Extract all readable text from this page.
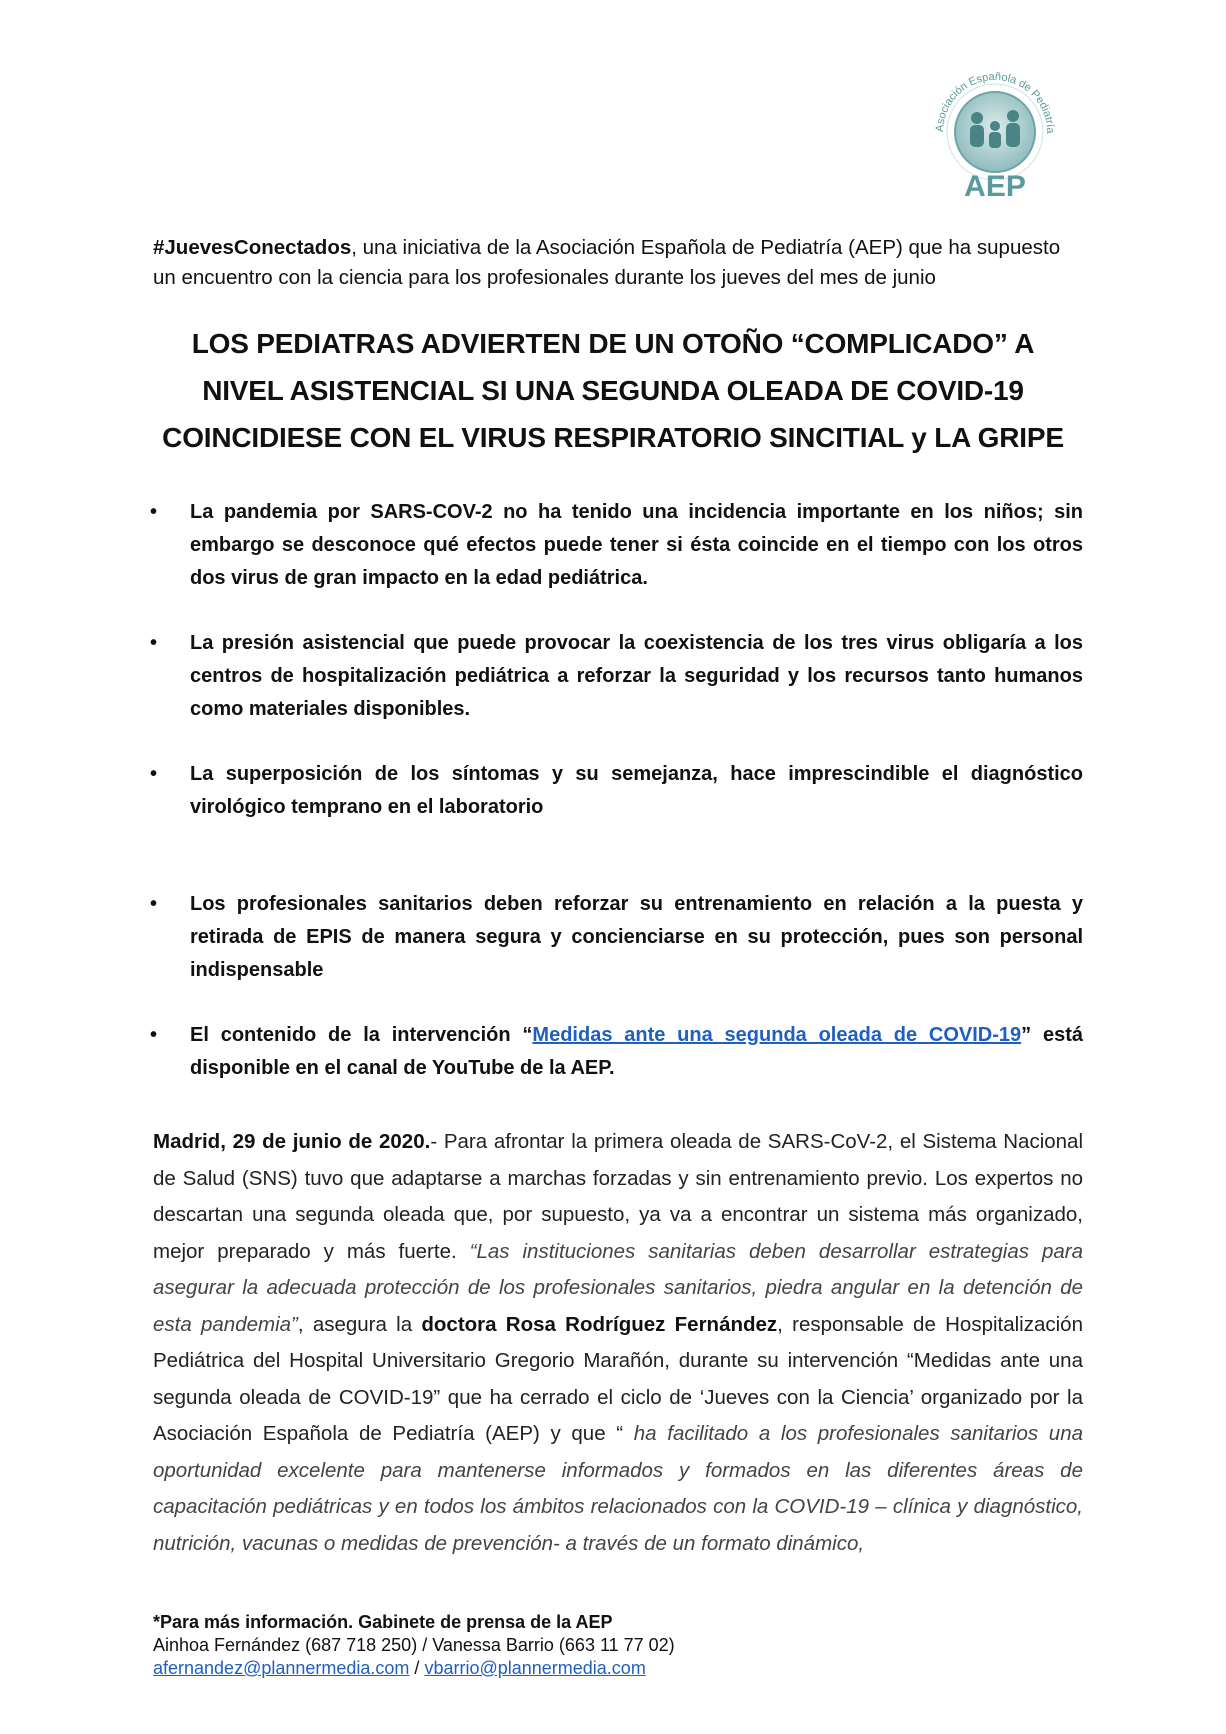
Asociación Española de Pediatría
AEP
#JuevesConectados, una iniciativa de la Asociación Española de Pediatría (AEP) que ha supuesto un encuentro con la ciencia para los profesionales durante los jueves del mes de junio
LOS PEDIATRAS ADVIERTEN DE UN OTOÑO “COMPLICADO” A
NIVEL ASISTENCIAL SI UNA SEGUNDA OLEADA DE COVID-19
COINCIDIESE CON EL VIRUS RESPIRATORIO SINCITIAL y LA GRIPE
• La pandemia por SARS-COV-2 no ha tenido una incidencia importante en los niños; sin embargo se desconoce qué efectos puede tener si ésta coincide en el tiempo con los otros dos virus de gran impacto en la edad pediátrica.
• La presión asistencial que puede provocar la coexistencia de los tres virus obligaría a los centros de hospitalización pediátrica a reforzar la seguridad y los recursos tanto humanos como materiales disponibles.
• La superposición de los síntomas y su semejanza, hace imprescindible el diagnóstico virológico temprano en el laboratorio
• Los profesionales sanitarios deben reforzar su entrenamiento en relación a la puesta y retirada de EPIS de manera segura y concienciarse en su protección, pues son personal indispensable
• El contenido de la intervención “Medidas ante una segunda oleada de COVID-19” está disponible en el canal de YouTube de la AEP.
Madrid, 29 de junio de 2020.- Para afrontar la primera oleada de SARS-CoV-2, el Sistema Nacional de Salud (SNS) tuvo que adaptarse a marchas forzadas y sin entrenamiento previo. Los expertos no descartan una segunda oleada que, por supuesto, ya va a encontrar un sistema más organizado, mejor preparado y más fuerte. “Las instituciones sanitarias deben desarrollar estrategias para asegurar la adecuada protección de los profesionales sanitarios, piedra angular en la detención de esta pandemia”, asegura la doctora Rosa Rodríguez Fernández, responsable de Hospitalización Pediátrica del Hospital Universitario Gregorio Marañón, durante su intervención “Medidas ante una segunda oleada de COVID-19” que ha cerrado el ciclo de ‘Jueves con la Ciencia’ organizado por la Asociación Española de Pediatría (AEP) y que “ ha facilitado a los profesionales sanitarios una oportunidad excelente para mantenerse informados y formados en las diferentes áreas de capacitación pediátricas y en todos los ámbitos relacionados con la COVID-19 – clínica y diagnóstico, nutrición, vacunas o medidas de prevención- a través de un formato dinámico,
*Para más información. Gabinete de prensa de la AEP
Ainhoa Fernández (687 718 250) / Vanessa Barrio (663 11 77 02)
afernandez@plannermedia.com / vbarrio@plannermedia.com
